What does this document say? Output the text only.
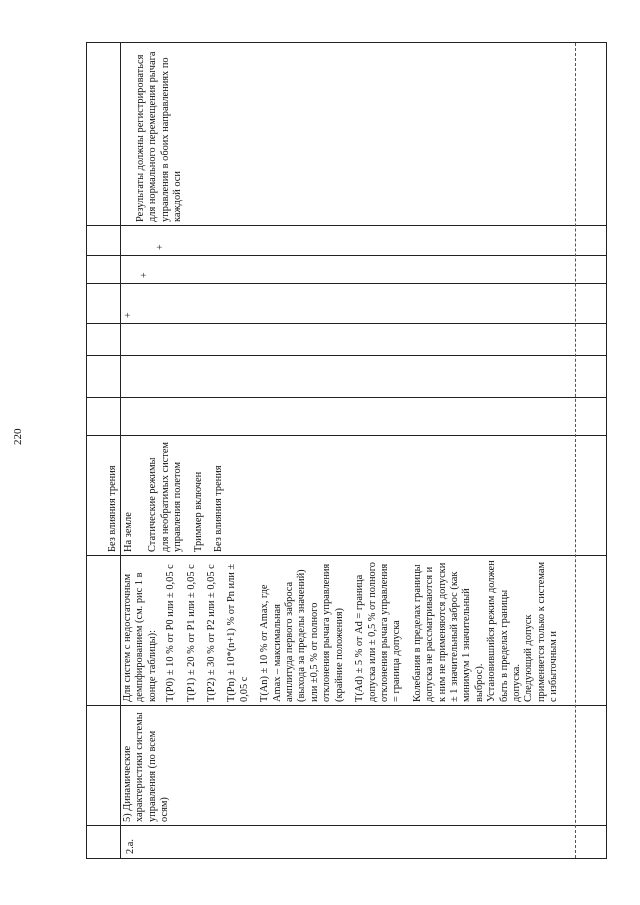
220
2.а.
5) Динамические характеристики системы управления (по всем осям)
Для систем с недостаточным демпфированием (см. рис 1 в конце таблицы): T(P0) ± 10 % от P0 или ± 0,05 с T(P1) ± 20 % от P1 или ± 0,05 с T(P2) ± 30 % от P2 или ± 0,05 с T(Pn) ± 10*(n+1) % от Pn или ± 0,05 с T(An) ± 10 % от Amax, где Amax – максимальная амплитуда первого заброса (выхода за пределы значений) или ±0,5 % от полного отклонения рычага управления (крайние положения) T(Ad) ± 5 % от Ad = граница допуска или ± 0,5 % от полного отклонения рычага управления = граница допуска Колебания в пределах границы допуска не рассматриваются и к ним не применяются допуски ± 1 значительный заброс (как минимум 1 значительный выброс). Установившийся режим должен быть в пределах границы допуска. Следующий допуск применяется только к системам с избыточным и
Без влияния трения На земле Статические режимы для необратимых систем управления полетом Триммер включен Без влияния трения
+
+
+
Результаты должны регистрироваться для нормального перемещения рычага управления в обоих направлениях по каждой оси
